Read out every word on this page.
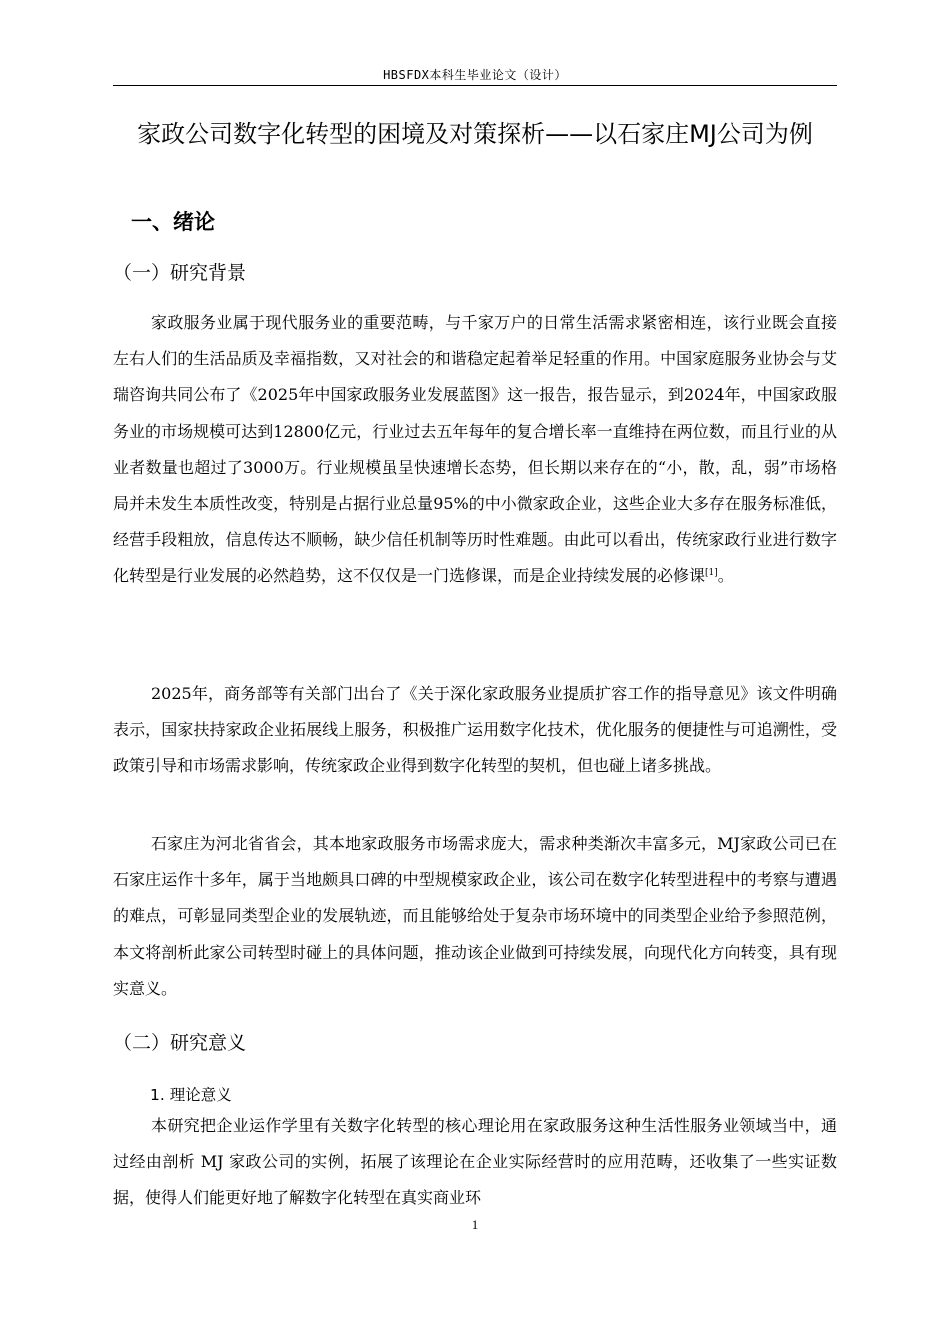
HBSFDX本科生毕业论文（设计）
家政公司数字化转型的困境及对策探析——以石家庄MJ公司为例
一、绪论
（一）研究背景

家政服务业属于现代服务业的重要范畴，与千家万户的日常生活需求紧密相连，该行业既会直接左右人们的生活品质及幸福指数，又对社会的和谐稳定起着举足轻重的作用。中国家庭服务业协会与艾瑞咨询共同公布了《2025年中国家政服务业发展蓝图》这一报告，报告显示，到2024年，中国家政服务业的市场规模可达到12800亿元，行业过去五年每年的复合增长率一直维持在两位数，而且行业的从业者数量也超过了3000万。行业规模虽呈快速增长态势，但长期以来存在的“小，散，乱，弱”市场格局并未发生本质性改变，特别是占据行业总量95%的中小微家政企业，这些企业大多存在服务标准低，经营手段粗放，信息传达不顺畅，缺少信任机制等历时性难题。由此可以看出，传统家政行业进行数字化转型是行业发展的必然趋势，这不仅仅是一门选修课，而是企业持续发展的必修课[1]。

2025年，商务部等有关部门出台了《关于深化家政服务业提质扩容工作的指导意见》该文件明确表示，国家扶持家政企业拓展线上服务，积极推广运用数字化技术，优化服务的便捷性与可追溯性，受政策引导和市场需求影响，传统家政企业得到数字化转型的契机，但也碰上诸多挑战。

石家庄为河北省省会，其本地家政服务市场需求庞大，需求种类渐次丰富多元，MJ家政公司已在石家庄运作十多年，属于当地颇具口碑的中型规模家政企业，该公司在数字化转型进程中的考察与遭遇的难点，可彰显同类型企业的发展轨迹，而且能够给处于复杂市场环境中的同类型企业给予参照范例，本文将剖析此家公司转型时碰上的具体问题，推动该企业做到可持续发展，向现代化方向转变，具有现实意义。

（二）研究意义
1. 理论意义

本研究把企业运作学里有关数字化转型的核心理论用在家政服务这种生活性服务业领域当中，通过经由剖析 MJ 家政公司的实例，拓展了该理论在企业实际经营时的应用范畴，还收集了一些实证数据，使得人们能更好地了解数字化转型在真实商业环

1
